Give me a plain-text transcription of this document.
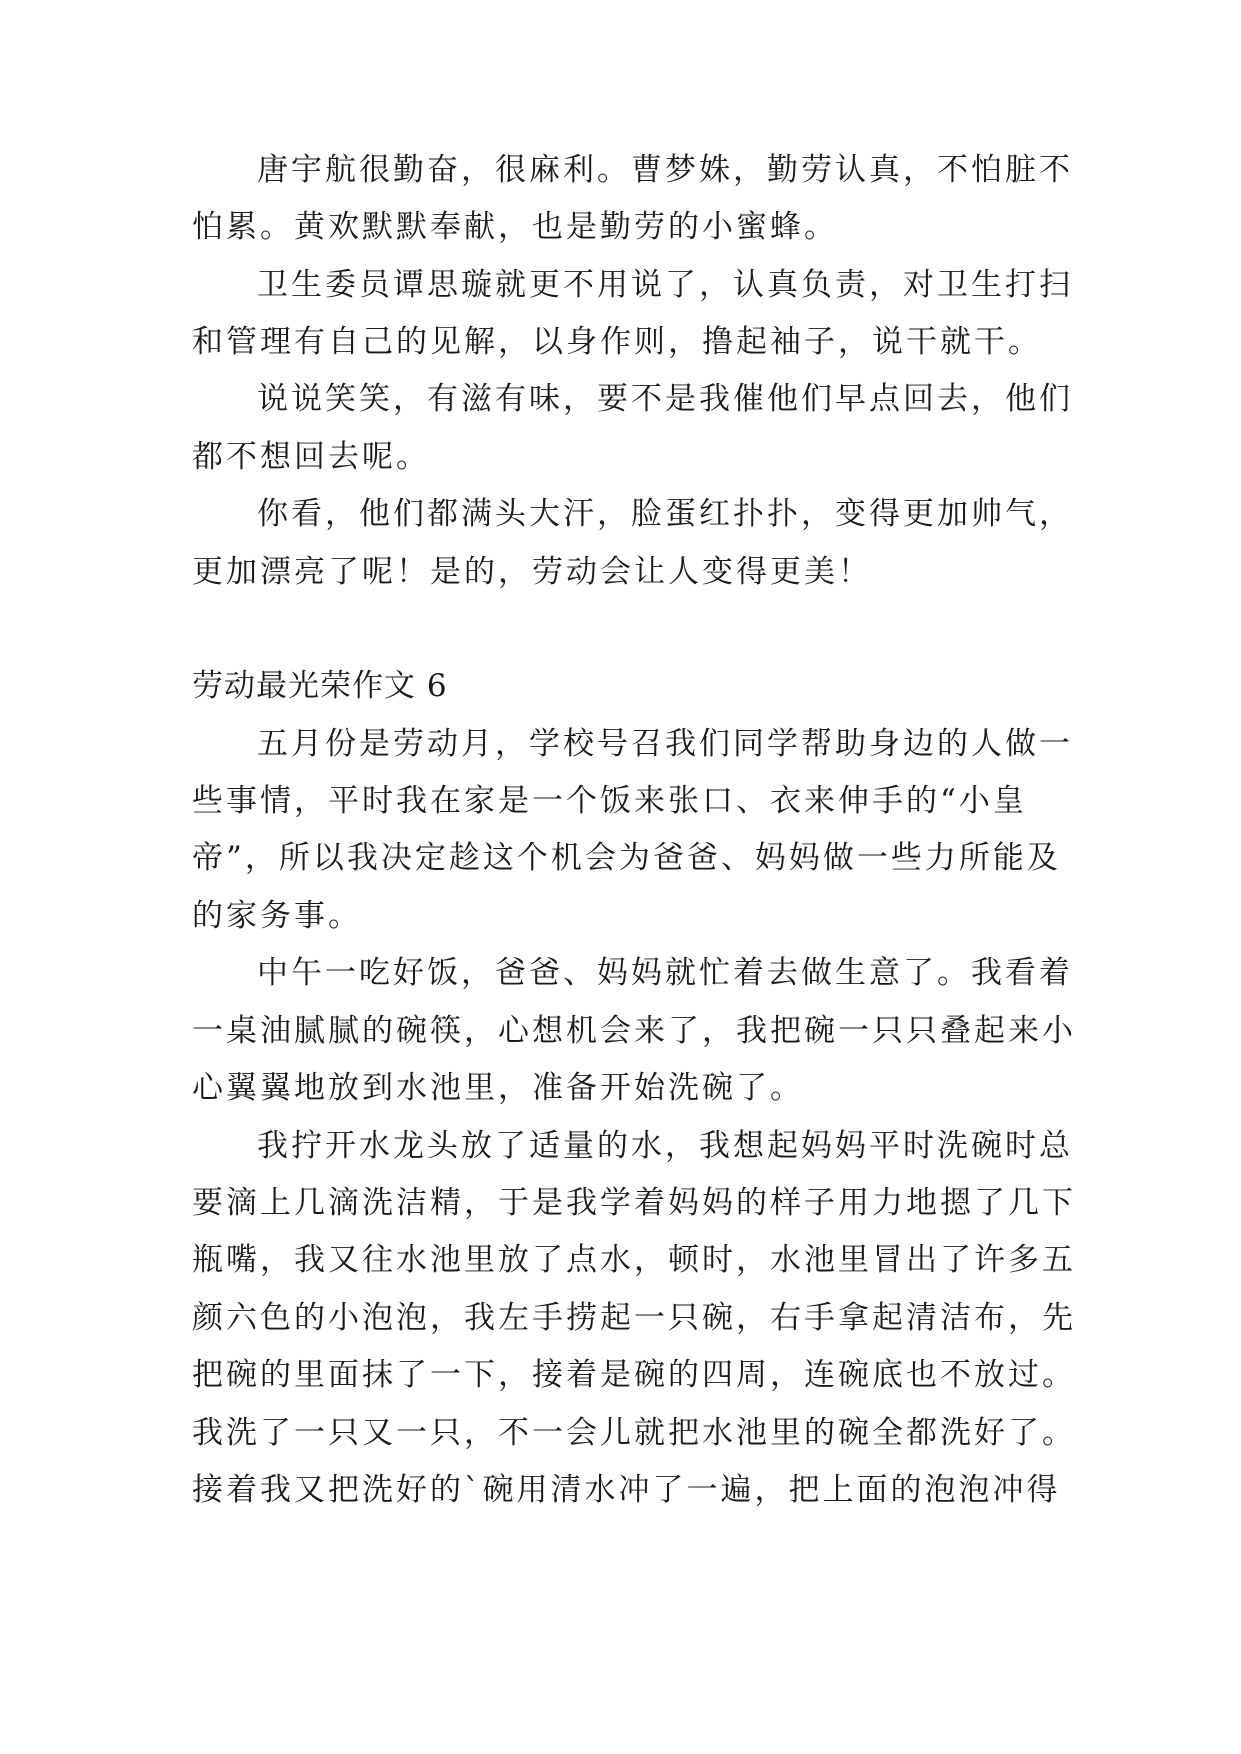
唐宇航很勤奋，很麻利。曹梦姝，勤劳认真，不怕脏不

怕累。黄欢默默奉献，也是勤劳的小蜜蜂。

卫生委员谭思璇就更不用说了，认真负责，对卫生打扫

和管理有自己的见解，以身作则，撸起袖子，说干就干。

说说笑笑，有滋有味，要不是我催他们早点回去，他们

都不想回去呢。

你看，他们都满头大汗，脸蛋红扑扑，变得更加帅气，

更加漂亮了呢！是的，劳动会让人变得更美！

劳动最光荣作文 6

五月份是劳动月，学校号召我们同学帮助身边的人做一

些事情，平时我在家是一个饭来张口、衣来伸手的“小皇

帝”，所以我决定趁这个机会为爸爸、妈妈做一些力所能及

的家务事。

中午一吃好饭，爸爸、妈妈就忙着去做生意了。我看着

一桌油腻腻的碗筷，心想机会来了，我把碗一只只叠起来小

心翼翼地放到水池里，准备开始洗碗了。

我拧开水龙头放了适量的水，我想起妈妈平时洗碗时总

要滴上几滴洗洁精，于是我学着妈妈的样子用力地摁了几下

瓶嘴，我又往水池里放了点水，顿时，水池里冒出了许多五

颜六色的小泡泡，我左手捞起一只碗，右手拿起清洁布，先

把碗的里面抹了一下，接着是碗的四周，连碗底也不放过。

我洗了一只又一只，不一会儿就把水池里的碗全都洗好了。

接着我又把洗好的`碗用清水冲了一遍，把上面的泡泡冲得
